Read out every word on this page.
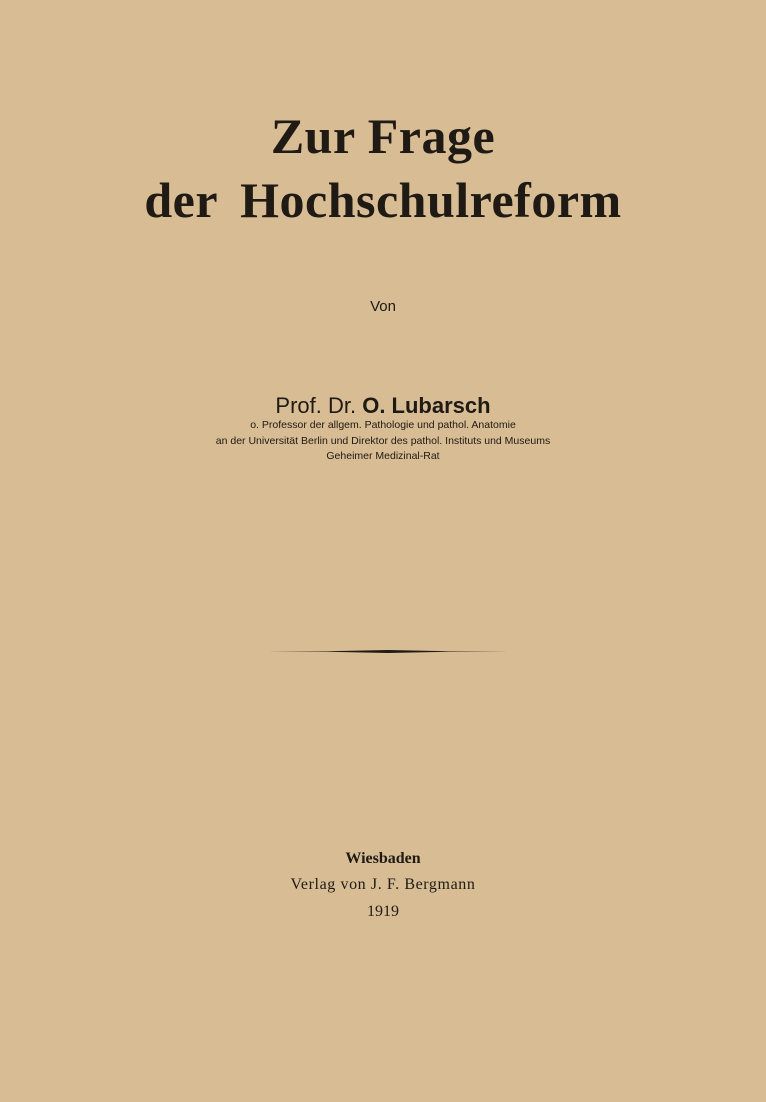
Zur Frage
der Hochschulreform
Von
Prof. Dr. O. Lubarsch
o. Professor der allgem. Pathologie und pathol. Anatomie
an der Universität Berlin und Direktor des pathol. Instituts und Museums
Geheimer Medizinal-Rat
Wiesbaden
Verlag von J. F. Bergmann
1919
